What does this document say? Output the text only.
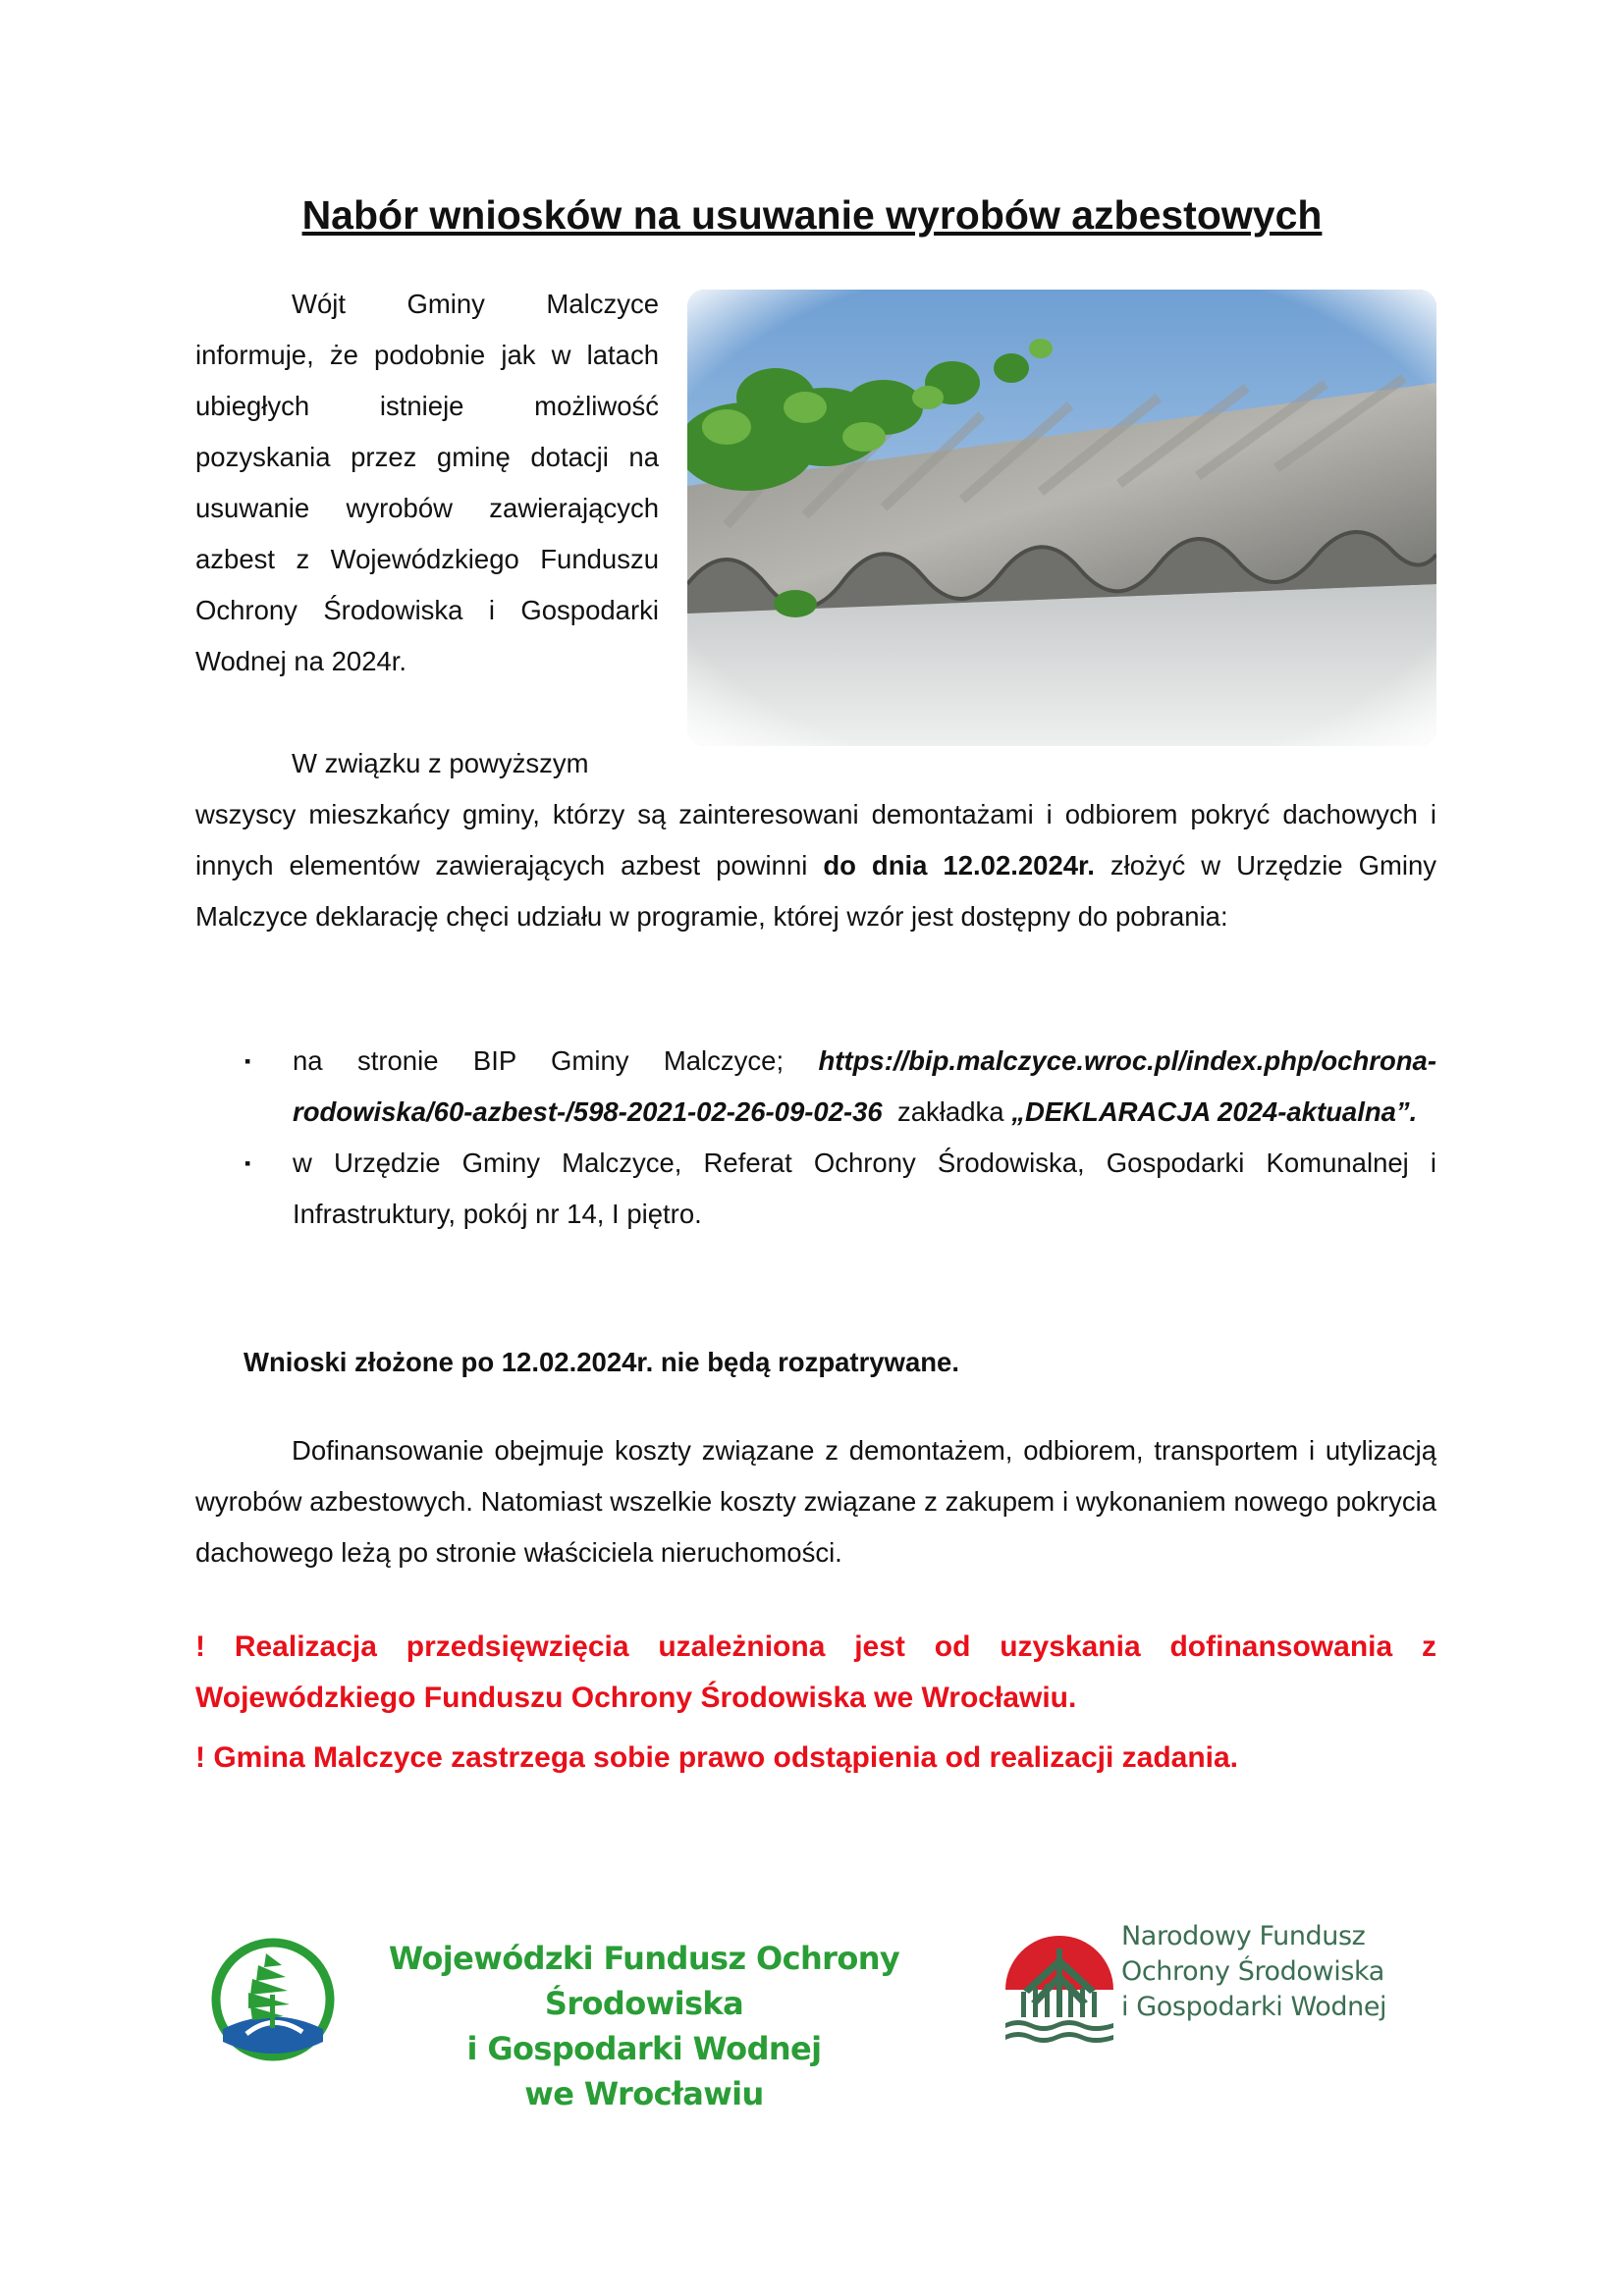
Nabór wniosków na usuwanie wyrobów azbestowych
Wójt Gminy Malczyce informuje, że podobnie jak w latach ubiegłych istnieje możliwość pozyskania przez gminę dotacji na usuwanie wyrobów zawierających azbest z Wojewódzkiego Funduszu Ochrony Środowiska i Gospodarki Wodnej na 2024r.
W związku z powyższym
wszyscy mieszkańcy gminy, którzy są zainteresowani demontażami i odbiorem pokryć dachowych i innych elementów zawierających azbest powinni do dnia 12.02.2024r. złożyć w Urzędzie Gminy Malczyce deklarację chęci udziału w programie, której wzór jest dostępny do pobrania:
▪ na stronie BIP Gminy Malczyce; https://bip.malczyce.wroc.pl/index.php/ochrona-rodowiska/60-azbest-/598-2021-02-26-09-02-36 zakładka „DEKLARACJA 2024-aktualna”.
▪ w Urzędzie Gminy Malczyce, Referat Ochrony Środowiska, Gospodarki Komunalnej i Infrastruktury, pokój nr 14, I piętro.
Wnioski złożone po 12.02.2024r. nie będą rozpatrywane.
Dofinansowanie obejmuje koszty związane z demontażem, odbiorem, transportem i utylizacją wyrobów azbestowych. Natomiast wszelkie koszty związane z zakupem i wykonaniem nowego pokrycia dachowego leżą po stronie właściciela nieruchomości.
! Realizacja przedsięwzięcia uzależniona jest od uzyskania dofinansowania z Wojewódzkiego Funduszu Ochrony Środowiska we Wrocławiu.
! Gmina Malczyce zastrzega sobie prawo odstąpienia od realizacji zadania.
Wojewódzki Fundusz Ochrony Środowiska
i Gospodarki Wodnej
we Wrocławiu
Narodowy Fundusz
Ochrony Środowiska
i Gospodarki Wodnej
